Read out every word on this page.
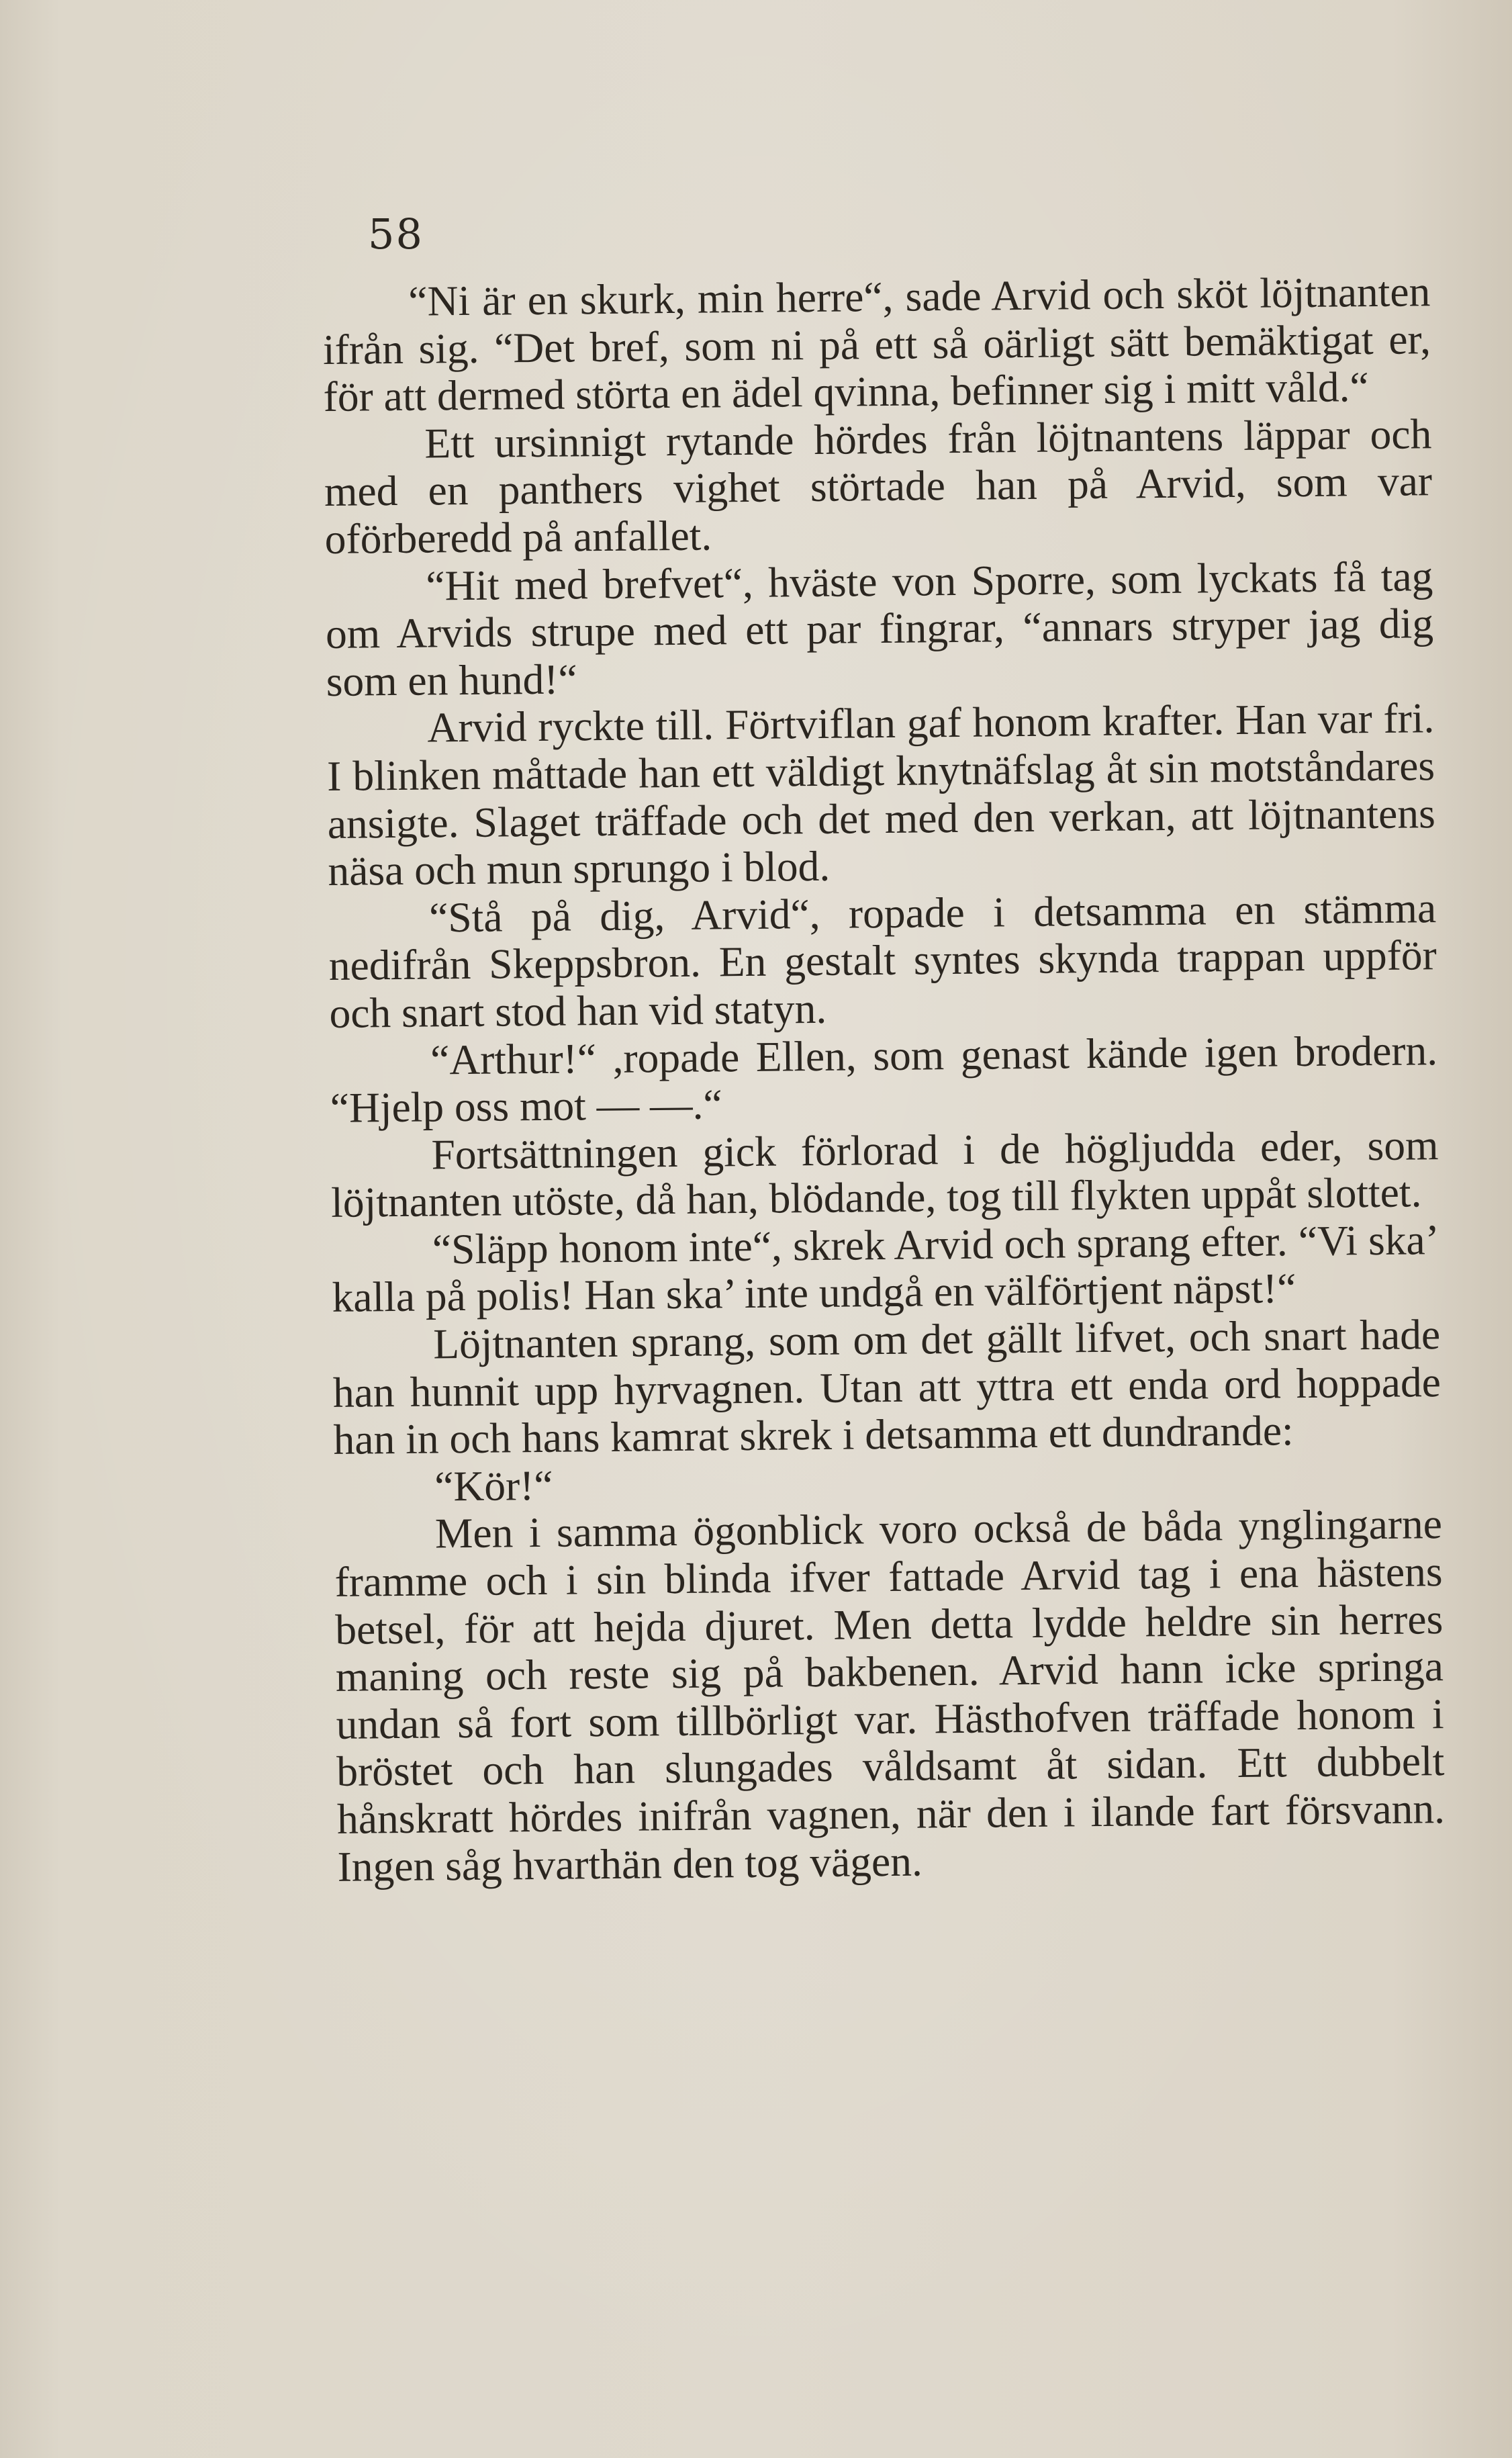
58

“Ni är en skurk, min herre“, sade Arvid och sköt löjtnanten ifrån sig. “Det bref, som ni på ett så oärligt sätt bemäktigat er, för att dermed störta en ädel qvinna, befinner sig i mitt våld.“

Ett ursinnigt rytande hördes från löjtnantens läppar och med en panthers vighet störtade han på Arvid, som var oförberedd på anfallet.

“Hit med brefvet“, hväste von Sporre, som lyckats få tag om Arvids strupe med ett par fingrar, “annars stryper jag dig som en hund!“

Arvid ryckte till. Förtviflan gaf honom krafter. Han var fri. I blinken måttade han ett väldigt knytnäfslag åt sin motståndares ansigte. Slaget träffade och det med den verkan, att löjtnantens näsa och mun sprungo i blod.

“Stå på dig, Arvid“, ropade i detsamma en stämma nedifrån Skeppsbron. En gestalt syntes skynda trappan uppför och snart stod han vid statyn.

“Arthur!“ ,ropade Ellen, som genast kände igen brodern. “Hjelp oss mot — —.“

Fortsättningen gick förlorad i de högljudda eder, som löjtnanten utöste, då han, blödande, tog till flykten uppåt slottet.

“Släpp honom inte“, skrek Arvid och sprang efter. “Vi ska’ kalla på polis! Han ska’ inte undgå en välförtjent näpst!“

Löjtnanten sprang, som om det gällt lifvet, och snart hade han hunnit upp hyrvagnen. Utan att yttra ett enda ord hoppade han in och hans kamrat skrek i detsamma ett dundrande:

“Kör!“

Men i samma ögonblick voro också de båda ynglingarne framme och i sin blinda ifver fattade Arvid tag i ena hästens betsel, för att hejda djuret. Men detta lydde heldre sin herres maning och reste sig på bakbenen. Arvid hann icke springa undan så fort som tillbörligt var. Hästhofven träffade honom i bröstet och han slungades våldsamt åt sidan. Ett dubbelt hånskratt hördes inifrån vagnen, när den i ilande fart försvann. Ingen såg hvarthän den tog vägen.
